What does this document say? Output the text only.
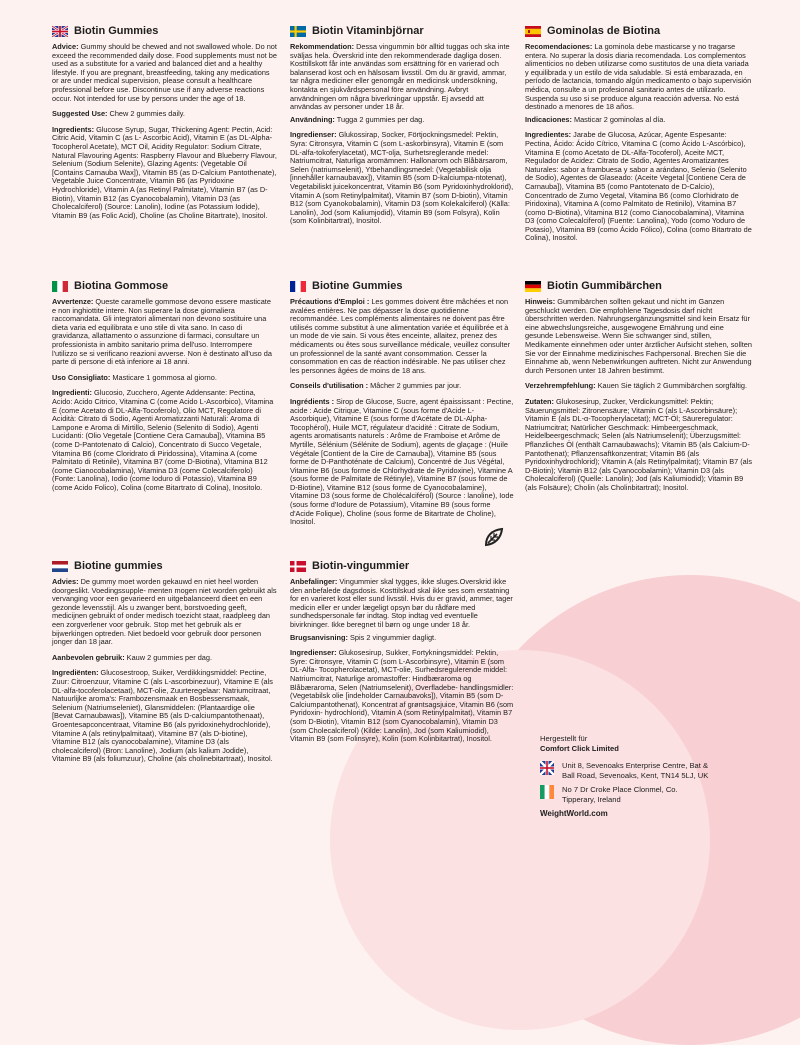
Biotin Gummies

Advice: Gummy should be chewed and not swallowed whole. Do not exceed the recommended daily dose. Food supplements must not be used as a substitute for a varied and balanced diet and a healthy lifestyle. If you are pregnant, breastfeeding, taking any medications or are under medical supervision, please consult a healthcare professional before use. Discontinue use if any adverse reactions occur. Not intended for use by persons under the age of 18.

Suggested Use: Chew 2 gummies daily.

Ingredients: Glucose Syrup, Sugar, Thickening Agent: Pectin, Acid: Citric Acid, Vitamin C (as L- Ascorbic Acid), Vitamin E (as DL-Alpha-Tocopherol Acetate), MCT Oil, Acidity Regulator: Sodium Citrate, Natural Flavouring Agents: Raspberry Flavour and Blueberry Flavour, Selenium (Sodium Selenite), Glazing Agents: (Vegetable Oil [Contains Carnauba Wax]), Vitamin B5 (as D-Calcium Pantothenate), Vegetable Juice Concentrate, Vitamin B6 (as Pyridoxine Hydrochloride), Vitamin A (as Retinyl Palmitate), Vitamin B7 (as D-Biotin), Vitamin B12 (as Cyanocobalamin), Vitamin D3 (as Cholecalciferol) (Source: Lanolin), Iodine (as Potassium Iodide), Vitamin B9 (as Folic Acid), Choline (as Choline Bitartrate), Inositol.

Biotin Vitaminbjörnar

Rekommendation: Dessa vingummin bör alltid tuggas och ska inte sväljas hela. Överskrid inte den rekommenderade dagliga dosen. Kosttillskott får inte användas som ersättning för en varierad och balanserad kost och en hälsosam livsstil. Om du är gravid, ammar, tar några mediciner eller genomgår en medicinsk undersökning, kontakta en sjukvårdspersonal före användning. Avbryt användningen om några biverkningar uppstår. Ej avsedd att användas av personer under 18 år.

Användning: Tugga 2 gummies per dag.

Ingredienser: Glukossirap, Socker, Förtjockningsmedel: Pektin, Syra: Citronsyra, Vitamin C (som L-askorbinsyra), Vitamin E (som DL-alfa-tokoferylacetat), MCT-olja, Surhetsreglerande medel: Natriumcitrat, Naturliga aromämnen: Hallonarom och Blåbärsarom, Selen (natriumselenit), Ytbehandlingsmedel: (Vegetabilisk olja [innehåller karnaubavax]), Vitamin B5 (som D-kalciumpa-ntotenat), Vegetabiliskt juicekoncentrat, Vitamin B6 (som Pyridoxinhydroklorid), Vitamin A (som Retinylpalmitat), Vitamin B7 (som D-biotin), Vitamin B12 (som Cyanokobalamin), Vitamin D3 (som Kolekalciferol) (Källa: Lanolin), Jod (som Kaliumjodid), Vitamin B9 (som Folsyra), Kolin (som Kolinbitartrat), Inositol.

Gominolas de Biotina

Recomendaciones: La gominola debe masticarse y no tragarse entera. No superar la dosis diaria recomendada. Los complementos alimenticios no deben utilizarse como sustitutos de una dieta variada y equilibrada y un estilo de vida saludable. Si está embarazada, en período de lactancia, tomando algún medicamento o bajo supervisión médica, consulte a un profesional sanitario antes de utilizarlo. Suspenda su uso si se produce alguna reacción adversa. No está destinado a menores de 18 años.

Indicaciones: Masticar 2 gominolas al día.

Ingredientes: Jarabe de Glucosa, Azúcar, Agente Espesante: Pectina, Ácido: Ácido Cítrico, Vitamina C (como Ácido L-Ascórbico), Vitamina E (como Acetato de DL-Alfa-Tocoferol), Aceite MCT, Regulador de Acidez: Citrato de Sodio, Agentes Aromatizantes Naturales: sabor a frambuesa y sabor a arándano, Selenio (Selenito de Sodio), Agentes de Glaseado: (Aceite Vegetal [Contiene Cera de Carnauba]), Vitamina B5 (como Pantotenato de D-Calcio), Concentrado de Zumo Vegetal, Vitamina B6 (como Clorhidrato de Piridoxina), Vitamina A (como Palmitato de Retinilo), Vitamina B7 (como D-Biotina), Vitamina B12 (como Cianocobalamina), Vitamina D3 (como Colecalciferol) (Fuente: Lanolina), Yodo (como Yoduro de Potasio), Vitamina B9 (como Ácido Fólico), Colina (como Bitartrato de Colina), Inositol.

Biotina Gommose

Avvertenze: Queste caramelle gommose devono essere masticate e non inghiottite intere. Non superare la dose giornaliera raccomandata. Gli integratori alimentari non devono sostituire una dieta varia ed equilibrata e uno stile di vita sano. In caso di gravidanza, allattamento o assunzione di farmaci, consultare un professionista in ambito sanitario prima dell'uso. Interrompere l'utilizzo se si verificano reazioni avverse. Non è destinato all'uso da parte di persone di età inferiore ai 18 anni.

Uso Consigliato: Masticare 1 gommosa al giorno.

Ingredienti: Glucosio, Zucchero, Agente Addensante: Pectina, Acido: Acido Citrico, Vitamina C (come Acido L-Ascorbico), Vitamina E (come Acetato di DL-Alfa-Tocoferolo), Olio MCT, Regolatore di Acidità: Citrato di Sodio, Agenti Aromatizzanti Naturali: Aroma di Lampone e Aroma di Mirtillo, Selenio (Selenito di Sodio), Agenti Lucidanti: (Olio Vegetale [Contiene Cera Carnauba]), Vitamina B5 (come D-Pantotenato di Calcio), Concentrato di Succo Vegetale, Vitamina B6 (come Cloridrato di Piridossina), Vitamina A (come Palmitato di Retinile), Vitamina B7 (come D-Biotina), Vitamina B12 (come Cianocobalamina), Vitamina D3 (come Colecalciferolo) (Fonte: Lanolina), Iodio (come Ioduro di Potassio), Vitamina B9 (come Acido Folico), Colina (come Bitartrato di Colina), Inositolo.

Biotine Gummies

Précautions d'Emploi : Les gommes doivent être mâchées et non avalées entières. Ne pas dépasser la dose quotidienne recommandée. Les compléments alimentaires ne doivent pas être utilisés comme substitut à une alimentation variée et équilibrée et à un mode de vie sain. Si vous êtes enceinte, allaitez, prenez des médicaments ou êtes sous surveillance médicale, veuillez consulter un professionnel de la santé avant consommation. Cesser la consommation en cas de réaction indésirable. Ne pas utiliser chez les personnes âgées de moins de 18 ans.

Conseils d'utilisation : Mâcher 2 gummies par jour.

Ingrédients : Sirop de Glucose, Sucre, agent épaississant : Pectine, acide : Acide Citrique, Vitamine C (sous forme d'Acide L-Ascorbique), Vitamine E (sous forme d'Acétate de DL-Alpha-Tocophérol), Huile MCT, régulateur d'acidité : Citrate de Sodium, agents aromatisants naturels : Arôme de Framboise et Arôme de Myrtille, Sélénium (Sélénite de Sodium), agents de glaçage : (Huile Végétale [Contient de la Cire de Carnauba]), Vitamine B5 (sous forme de D-Panthoténate de Calcium), Concentré de Jus Végétal, Vitamine B6 (sous forme de Chlorhydrate de Pyridoxine), Vitamine A (sous forme de Palmitate de Rétinyle), Vitamine B7 (sous forme de D-Biotine), Vitamine B12 (sous forme de Cyanocobalamine), Vitamine D3 (sous forme de Cholécalciférol) (Source : lanoline), Iode (sous forme d'Iodure de Potassium), Vitamine B9 (sous forme d'Acide Folique), Choline (sous forme de Bitartrate de Choline), Inositol.

Biotin Gummibärchen

Hinweis: Gummibärchen sollten gekaut und nicht im Ganzen geschluckt werden. Die empfohlene Tagesdosis darf nicht überschritten werden. Nahrungsergänzungsmittel sind kein Ersatz für eine abwechslungsreiche, ausgewogene Ernährung und eine gesunde Lebensweise. Wenn Sie schwanger sind, stillen, Medikamente einnehmen oder unter ärztlicher Aufsicht stehen, sollten Sie vor der Einnahme medizinisches Fachpersonal. Brechen Sie die Einnahme ab, wenn Nebenwirkungen auftreten. Nicht zur Anwendung durch Personen unter 18 Jahren bestimmt.

Verzehrempfehlung: Kauen Sie täglich 2 Gummibärchen sorgfältig.

Zutaten: Glukosesirup, Zucker, Verdickungsmittel: Pektin; Säuerungsmittel: Zitronensäure; Vitamin C (als L-Ascorbinsäure); Vitamin E (als DL-α-Tocopherylacetat); MCT-Öl; Säureregulator: Natriumcitrat; Natürlicher Geschmack: Himbeergeschmack, Heidelbeergeschmack; Selen (als Natriumselenit); Überzugsmittel: Pflanzliches Öl (enthält Carnaubawachs); Vitamin B5 (als Calcium-D-Pantothenat); Pflanzensaftkonzentrat; Vitamin B6 (als Pyridoxinhydrochlorid); Vitamin A (als Retinylpalmitat); Vitamin B7 (als D-Biotin); Vitamin B12 (als Cyanocobalamin); Vitamin D3 (als Cholecalciferol) (Quelle: Lanolin); Jod (als Kaliumiodid); Vitamin B9 (als Folsäure); Cholin (als Cholinbitartrat); Inositol.

Biotine gummies

Advies: De gummy moet worden gekauwd en niet heel worden doorgeslikt. Voedingssupple- menten mogen niet worden gebruikt als vervanging voor een gevarieerd en uitgebalanceerd dieet en een gezonde levensstijl. Als u zwanger bent, borstvoeding geeft, medicijnen gebruikt of onder medisch toezicht staat, raadpleeg dan een zorgverlener voor gebruik. Stop met het gebruik als er bijwerkingen optreden. Niet bedoeld voor gebruik door personen jonger dan 18 jaar.

Aanbevolen gebruik: Kauw 2 gummies per dag.

Ingrediënten: Glucosestroop, Suiker, Verdikkingsmiddel: Pectine, Zuur: Citroenzuur, Vitamine C (als L-ascorbinezuur), Vitamine E (als DL-alfa-tocoferolacetaat), MCT-olie, Zuurteregelaar: Natriumcitraat, Natuurlijke aroma's: Frambozensmaak en Bosbessensmaak, Selenium (Natriumseleniet), Glansmiddelen: (Plantaardige olie [Bevat Carnaubawas]), Vitamine B5 (als D-calciumpantothenaat), Groentesapconcentraat, Vitamine B6 (als pyridoxinehydrochloride), Vitamine A (als retinylpalmitaat), Vitamine B7 (als D-biotine), Vitamine B12 (als cyanocobalamine), Vitamine D3 (als cholecalciferol) (Bron: Lanoline), Jodium (als kalium Jodide), Vitamine B9 (als foliumzuur), Choline (als cholinebitartraat), Inositol.

Biotin-vingummier

Anbefalinger: Vingummier skal tygges, ikke sluges.Overskrid ikke den anbefalede dagsdosis. Kosttilskud skal ikke ses som erstatning for en varieret kost eller sund livsstil. Hvis du er gravid, ammer, tager medicin eller er under lægeligt opsyn bør du rådføre med sundhedspersonale før indtag. Stop indtag ved eventuelle bivirkninger. Ikke beregnet til børn og unge under 18 år.

Brugsanvisning: Spis 2 vingummier dagligt.

Ingredienser: Glukosesirup, Sukker, Fortykningsmiddel: Pektin, Syre: Citronsyre, Vitamin C (som L-Ascorbinsyre), Vitamin E (som DL-Alfa- Tocopherolacetat), MCT-olie, Surhedsregulerende middel: Natriumcitrat, Naturlige aromastoffer: Hindbæraroma og Blåbæraroma, Selen (Natriumselenit), Overfladebe- handlingsmidler: (Vegetabilsk olie [indeholder Carnaubavoks]), Vitamin B5 (som D-Calciumpantothenat), Koncentrat af grøntsagsjuice, Vitamin B6 (som Pyridoxin- hydrochlorid), Vitamin A (som Retinylpalmitat), Vitamin B7 (som D-Biotin), Vitamin B12 (som Cyanocobalamin), Vitamin D3 (som Cholecalciferol) (Kilde: Lanolin), Jod (som Kaliumiodid), Vitamin B9 (som Folinsyre), Kolin (som Kolinbitartrat), Inositol.	Hergestellt für
Comfort Click Limited
Unit 8, Sevenoaks Enterprise Centre, Bat & Ball Road, Sevenoaks, Kent, TN14 5LJ, UK
No 7 Dr Croke Place Clonmel, Co. Tipperary, Ireland
WeightWorld.com
